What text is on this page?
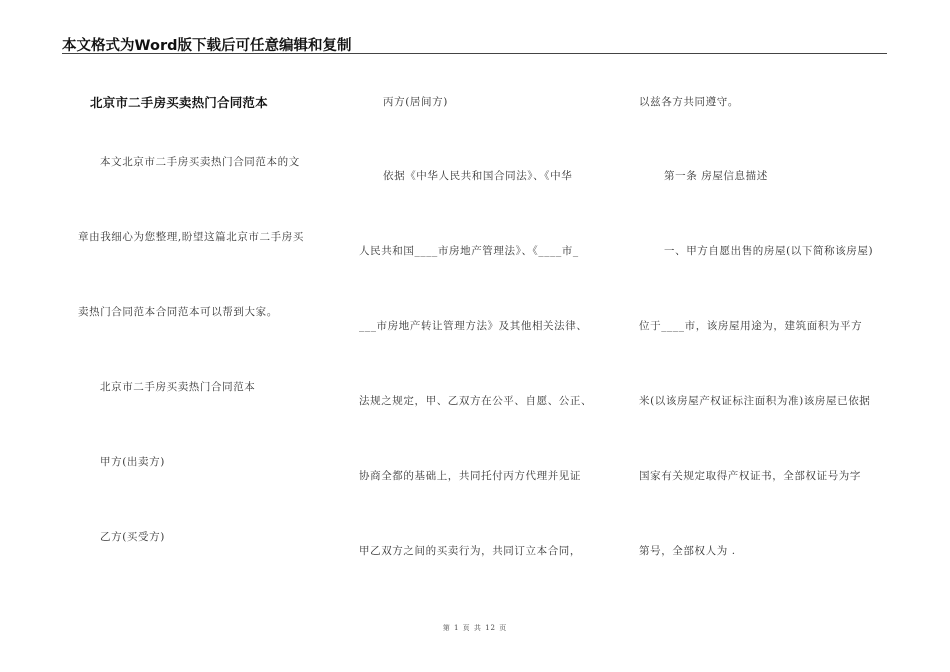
本文格式为Word版下载后可任意编辑和复制
北京市二手房买卖热门合同范本
本文北京市二手房买卖热门合同范本的文
章由我细心为您整理,盼望这篇北京市二手房买
卖热门合同范本合同范本可以帮到大家。
北京市二手房买卖热门合同范本
甲方(出卖方)
乙方(买受方)
丙方(居间方)
依据《中华人民共和国合同法》、《中华
人民共和国____市房地产管理法》、《____市_
___市房地产转让管理方法》及其他相关法律、
法规之规定，甲、乙双方在公平、自愿、公正、
协商全都的基础上，共同托付丙方代理并见证
甲乙双方之间的买卖行为，共同订立本合同，
以兹各方共同遵守。
第一条 房屋信息描述
一、甲方自愿出售的房屋(以下简称该房屋)
位于____市，该房屋用途为，建筑面积为平方
米(以该房屋产权证标注面积为准)该房屋已依据
国家有关规定取得产权证书，全部权证号为字
第号，全部权人为 .
第 1 页 共 12 页
